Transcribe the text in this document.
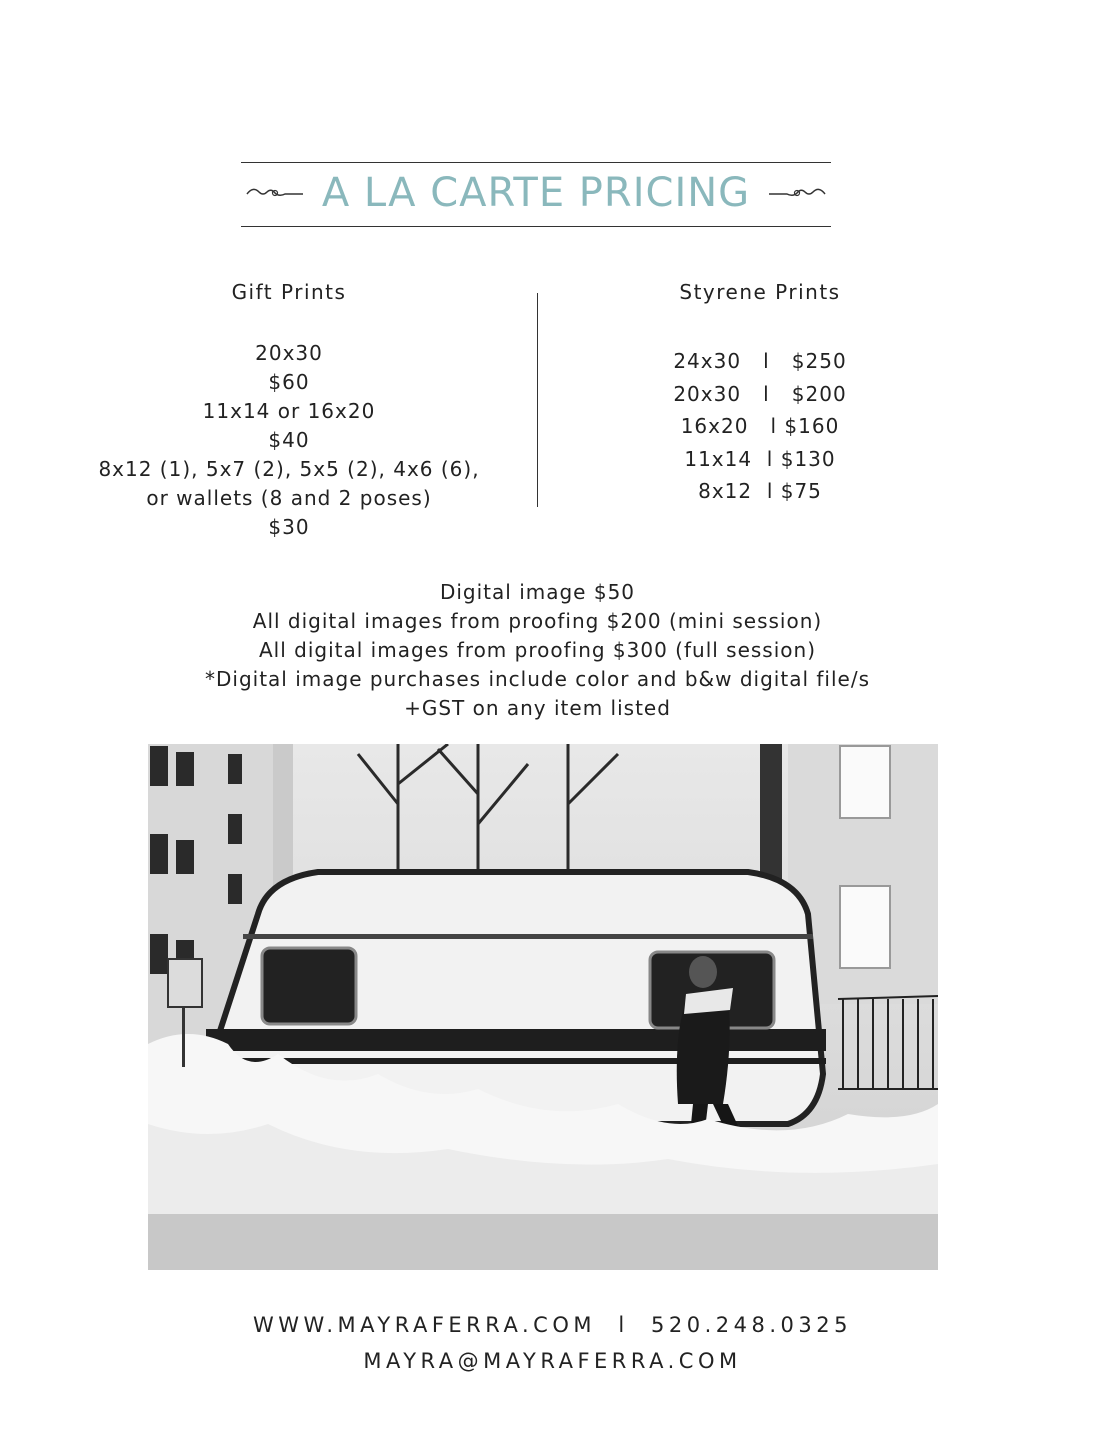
A LA CARTE PRICING
Gift Prints
20x30
$60
11x14 or 16x20
$40
8x12 (1), 5x7 (2), 5x5 (2), 4x6 (6),
or wallets (8 and 2 poses)
$30
Styrene Prints
24x30   l   $250
20x30   l   $200
16x20   l $160
11x14  l $130
8x12  l $75
Digital image $50
All digital images from proofing $200 (mini session)
All digital images from proofing $300 (full session)
*Digital image purchases include color and b&w digital file/s
+GST on any item listed
WWW.MAYRAFERRA.COM  l  520.248.0325
MAYRA@MAYRAFERRA.COM
